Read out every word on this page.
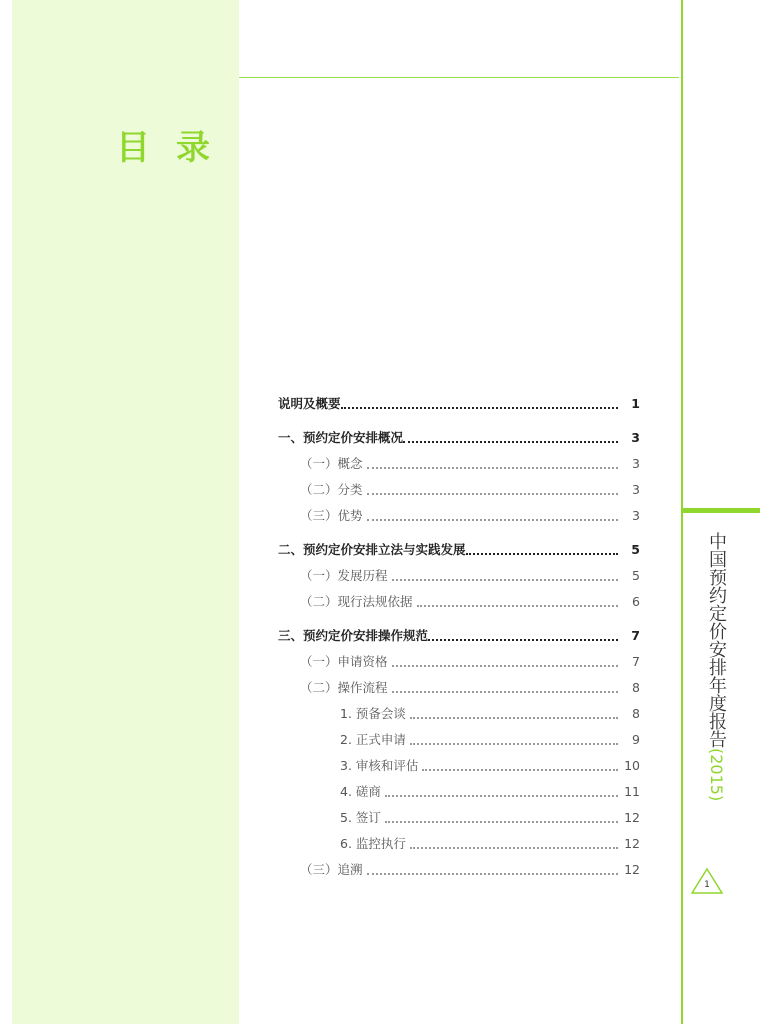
目录
中国预约定价安排年度报告(2015)
1
说明及概要	1
一、预约定价安排概况	3
（一）概念	3
（二）分类	3
（三）优势	3
二、预约定价安排立法与实践发展	5
（一）发展历程	5
（二）现行法规依据	6
三、预约定价安排操作规范	7
（一）申请资格	7
（二）操作流程	8
1. 预备会谈	8
2. 正式申请	9
3. 审核和评估	10
4. 磋商	11
5. 签订	12
6. 监控执行	12
（三）追溯	12
